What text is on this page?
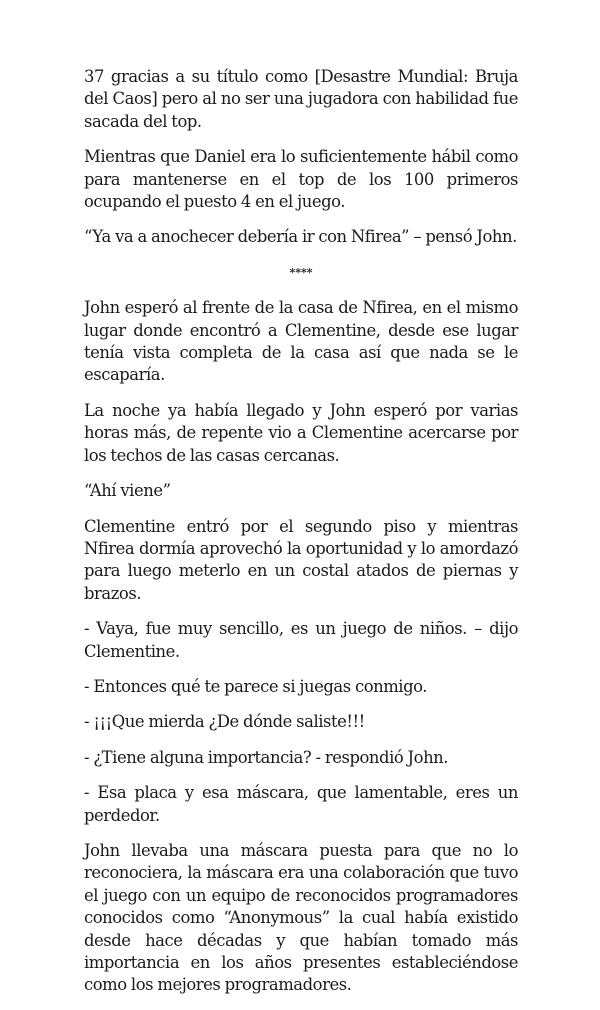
37 gracias a su título como [Desastre Mundial: Bruja del Caos] pero al no ser una jugadora con habilidad fue sacada del top.

Mientras que Daniel era lo suficientemente hábil como para mantenerse en el top de los 100 primeros ocupando el puesto 4 en el juego.

“Ya va a anochecer debería ir con Nfirea” – pensó John.

****

John esperó al frente de la casa de Nfirea, en el mismo lugar donde encontró a Clementine, desde ese lugar tenía vista completa de la casa así que nada se le escaparía.

La noche ya había llegado y John esperó por varias horas más, de repente vio a Clementine acercarse por los techos de las casas cercanas.

“Ahí viene”

Clementine entró por el segundo piso y mientras Nfirea dormía aprovechó la oportunidad y lo amordazó para luego meterlo en un costal atados de piernas y brazos.

- Vaya, fue muy sencillo, es un juego de niños. – dijo Clementine.

- Entonces qué te parece si juegas conmigo.

- ¡¡¡Que mierda ¿De dónde saliste!!!

- ¿Tiene alguna importancia? - respondió John.

- Esa placa y esa máscara, que lamentable, eres un perdedor.

John llevaba una máscara puesta para que no lo reconociera, la máscara era una colaboración que tuvo el juego con un equipo de reconocidos programadores conocidos como “Anonymous” la cual había existido desde hace décadas y que habían tomado más importancia en los años presentes estableciéndose como los mejores programadores.
